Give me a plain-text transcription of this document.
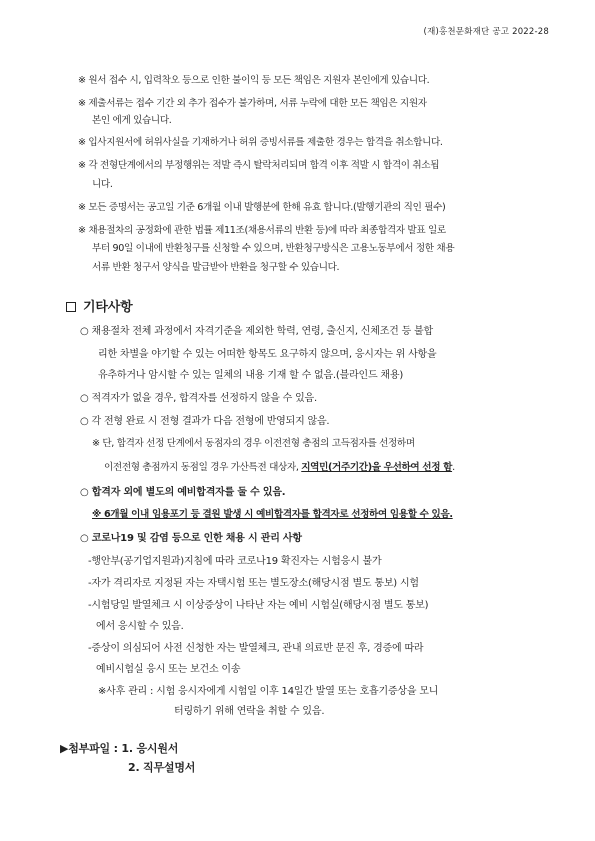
(재)홍천문화재단 공고 2022-28
※ 원서 접수 시, 입력착오 등으로 인한 불이익 등 모든 책임은 지원자 본인에게 있습니다.
※ 제출서류는 접수 기간 외 추가 접수가 불가하며, 서류 누락에 대한 모든 책임은 지원자
본인 에게 있습니다.
※ 입사지원서에 허위사실을 기재하거나 허위 증빙서류를 제출한 경우는 합격을 취소합니다.
※ 각 전형단계에서의 부정행위는 적발 즉시 탈락처리되며 합격 이후 적발 시 합격이 취소됩
니다.
※ 모든 증명서는 공고일 기준 6개월 이내 발행분에 한해 유효 합니다.(발행기관의 직인 필수)
※ 채용절차의 공정화에 관한 법률 제11조(채용서류의 반환 등)에 따라 최종합격자 발표 일로
부터 90일 이내에 반환청구를 신청할 수 있으며, 반환청구방식은 고용노동부에서 정한 채용
서류 반환 청구서 양식을 발급받아 반환을 청구할 수 있습니다.
기타사항
○ 채용절차 전체 과정에서 자격기준을 제외한 학력, 연령, 출신지, 신체조건 등 불합
리한 차별을 야기할 수 있는 어떠한 항목도 요구하지 않으며, 응시자는 위 사항을
유추하거나 암시할 수 있는 일체의 내용 기재 할 수 없음.(블라인드 채용)
○ 적격자가 없을 경우, 합격자를 선정하지 않을 수 있음.
○ 각 전형 완료 시 전형 결과가 다음 전형에 반영되지 않음.
※ 단, 합격자 선정 단계에서 동점자의 경우 이전전형 총점의 고득점자를 선정하며
이전전형 총점까지 동점일 경우 가산특전 대상자, 지역민(거주기간)을 우선하여 선정 함.
○ 합격자 외에 별도의 예비합격자를 둘 수 있음.
※ 6개월 이내 임용포기 등 결원 발생 시 예비합격자를 합격자로 선정하여 임용할 수 있음.
○ 코로나19 및 감염 등으로 인한 채용 시 관리 사항
-행안부(공기업지원과)지침에 따라 코로나19 확진자는 시험응시 불가
-자가 격리자로 지정된 자는 자택시험 또는 별도장소(해당시점 별도 통보) 시험
-시험당일 발열체크 시 이상증상이 나타난 자는 예비 시험실(해당시점 별도 통보)
에서 응시할 수 있음.
-증상이 의심되어 사전 신청한 자는 발열체크, 관내 의료반 문진 후, 경증에 따라
예비시험실 응시 또는 보건소 이송
※사후 관리 : 시험 응시자에게 시험일 이후 14일간 발열 또는 호흡기증상을 모니
터링하기 위해 연락을 취할 수 있음.
▶첨부파일 : 1. 응시원서
2. 직무설명서
